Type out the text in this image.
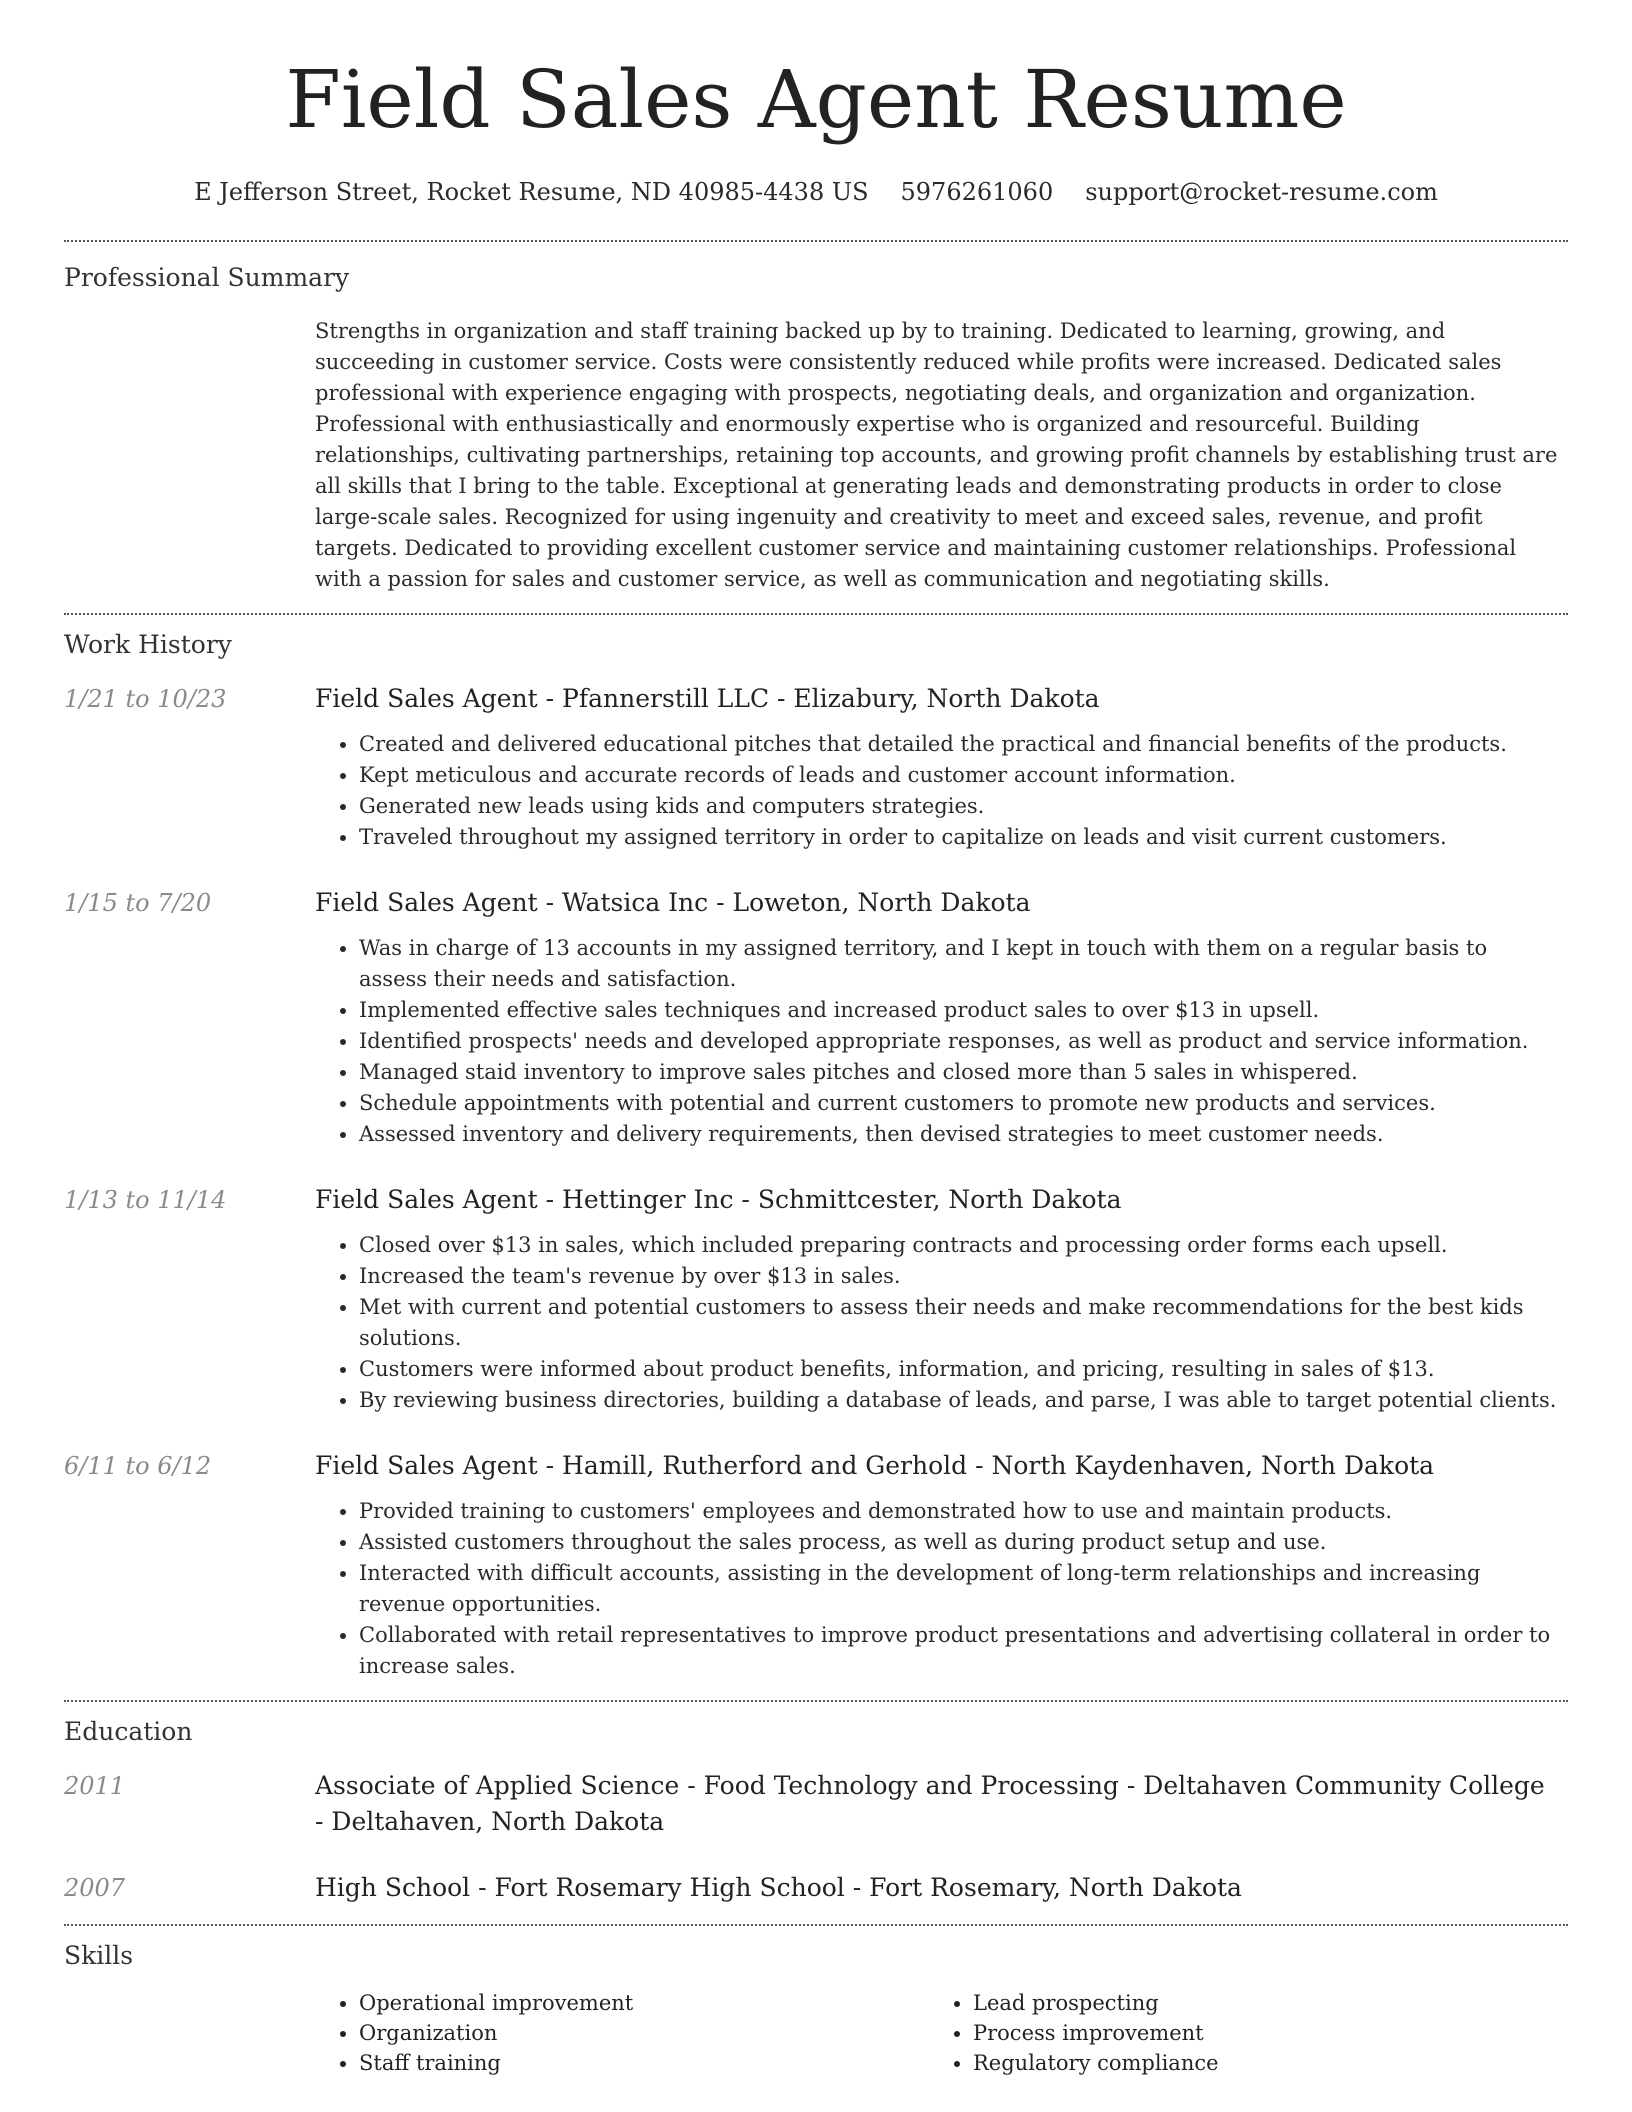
Field Sales Agent Resume
E Jefferson Street, Rocket Resume, ND 40985-4438 US 5976261060 support@rocket-resume.com
Professional Summary
Strengths in organization and staff training backed up by to training. Dedicated to learning, growing, and succeeding in customer service. Costs were consistently reduced while profits were increased. Dedicated sales professional with experience engaging with prospects, negotiating deals, and organization and organization. Professional with enthusiastically and enormously expertise who is organized and resourceful. Building relationships, cultivating partnerships, retaining top accounts, and growing profit channels by establishing trust are all skills that I bring to the table. Exceptional at generating leads and demonstrating products in order to close large-scale sales. Recognized for using ingenuity and creativity to meet and exceed sales, revenue, and profit targets. Dedicated to providing excellent customer service and maintaining customer relationships. Professional with a passion for sales and customer service, as well as communication and negotiating skills.
Work History
1/21 to 10/23	Field Sales Agent - Pfannerstill LLC - Elizabury, North Dakota
• Created and delivered educational pitches that detailed the practical and financial benefits of the products.
• Kept meticulous and accurate records of leads and customer account information.
• Generated new leads using kids and computers strategies.
• Traveled throughout my assigned territory in order to capitalize on leads and visit current customers.
1/15 to 7/20	Field Sales Agent - Watsica Inc - Loweton, North Dakota
• Was in charge of 13 accounts in my assigned territory, and I kept in touch with them on a regular basis to assess their needs and satisfaction.
• Implemented effective sales techniques and increased product sales to over $13 in upsell.
• Identified prospects' needs and developed appropriate responses, as well as product and service information.
• Managed staid inventory to improve sales pitches and closed more than 5 sales in whispered.
• Schedule appointments with potential and current customers to promote new products and services.
• Assessed inventory and delivery requirements, then devised strategies to meet customer needs.
1/13 to 11/14	Field Sales Agent - Hettinger Inc - Schmittcester, North Dakota
• Closed over $13 in sales, which included preparing contracts and processing order forms each upsell.
• Increased the team's revenue by over $13 in sales.
• Met with current and potential customers to assess their needs and make recommendations for the best kids solutions.
• Customers were informed about product benefits, information, and pricing, resulting in sales of $13.
• By reviewing business directories, building a database of leads, and parse, I was able to target potential clients.
6/11 to 6/12	Field Sales Agent - Hamill, Rutherford and Gerhold - North Kaydenhaven, North Dakota
• Provided training to customers' employees and demonstrated how to use and maintain products.
• Assisted customers throughout the sales process, as well as during product setup and use.
• Interacted with difficult accounts, assisting in the development of long-term relationships and increasing revenue opportunities.
• Collaborated with retail representatives to improve product presentations and advertising collateral in order to increase sales.
Education
2011	Associate of Applied Science - Food Technology and Processing - Deltahaven Community College - Deltahaven, North Dakota
2007	High School - Fort Rosemary High School - Fort Rosemary, North Dakota
Skills
• Operational improvement
• Organization
• Staff training
• Lead prospecting
• Process improvement
• Regulatory compliance
